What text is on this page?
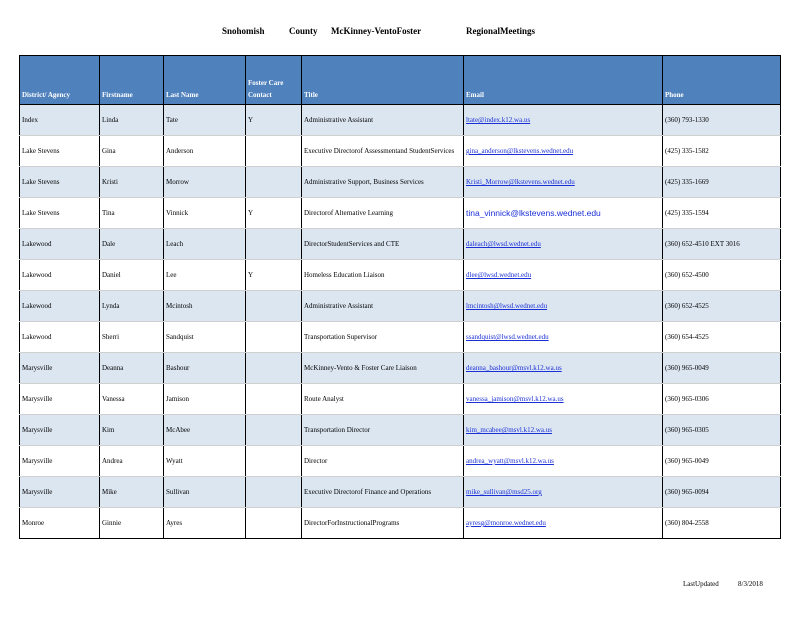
Snohomish	County McKinney-VentoFoster	RegionalMeetings
District/ Agency	Firstname	Last Name	Foster Care Contact	Title	Email	Phone
Index	Linda	Tate	Y	Administrative Assistant	ltate@index.k12.wa.us	(360) 793-1330
Lake Stevens	Gina	Anderson		Executive Directorof Assessmentand StudentServices	gina_anderson@lkstevens.wednet.edu	(425) 335-1582
Lake Stevens	Kristi	Morrow		Administrative Support, Business Services	Kristi_Morrow@lkstevens.wednet.edu	(425) 335-1669
Lake Stevens	Tina	Vinnick	Y	Directorof Alternative Learning	tina_vinnick@lkstevens.wednet.edu	(425) 335-1594
Lakewood	Dale	Leach		DirectorStudentServices and CTE	daleach@lwsd.wednet.edu	(360) 652-4510 EXT 3016
Lakewood	Daniel	Lee	Y	Homeless Education Liaison	dlee@lwsd.wednet.edu	(360) 652-4500
Lakewood	Lynda	Mcintosh		Administrative Assistant	lmcintosh@lwsd.wednet.edu	(360) 652-4525
Lakewood	Sherri	Sandquist		Transportation Supervisor	ssandquist@lwsd.wednet.edu	(360) 654-4525
Marysville	Deanna	Bashour		McKinney-Vento & Foster Care Liaison	deanna_bashour@msvl.k12.wa.us	(360) 965-0049
Marysville	Vanessa	Jamison		Route Analyst	vanessa_jamison@msvl.k12.wa.us	(360) 965-0306
Marysville	Kim	McAbee		Transportation Director	kim_mcabee@msvl.k12.wa.us	(360) 965-0305
Marysville	Andrea	Wyatt		Director	andrea_wyatt@msvl.k12.wa.us	(360) 965-0049
Marysville	Mike	Sullivan		Executive Directorof Finance and Operations	mike_sullivan@msd25.org	(360) 965-0094
Monroe	Ginnie	Ayres		DirectorForInstructionalPrograms	ayresg@monroe.wednet.edu	(360) 804-2558
LastUpdated	8/3/2018
